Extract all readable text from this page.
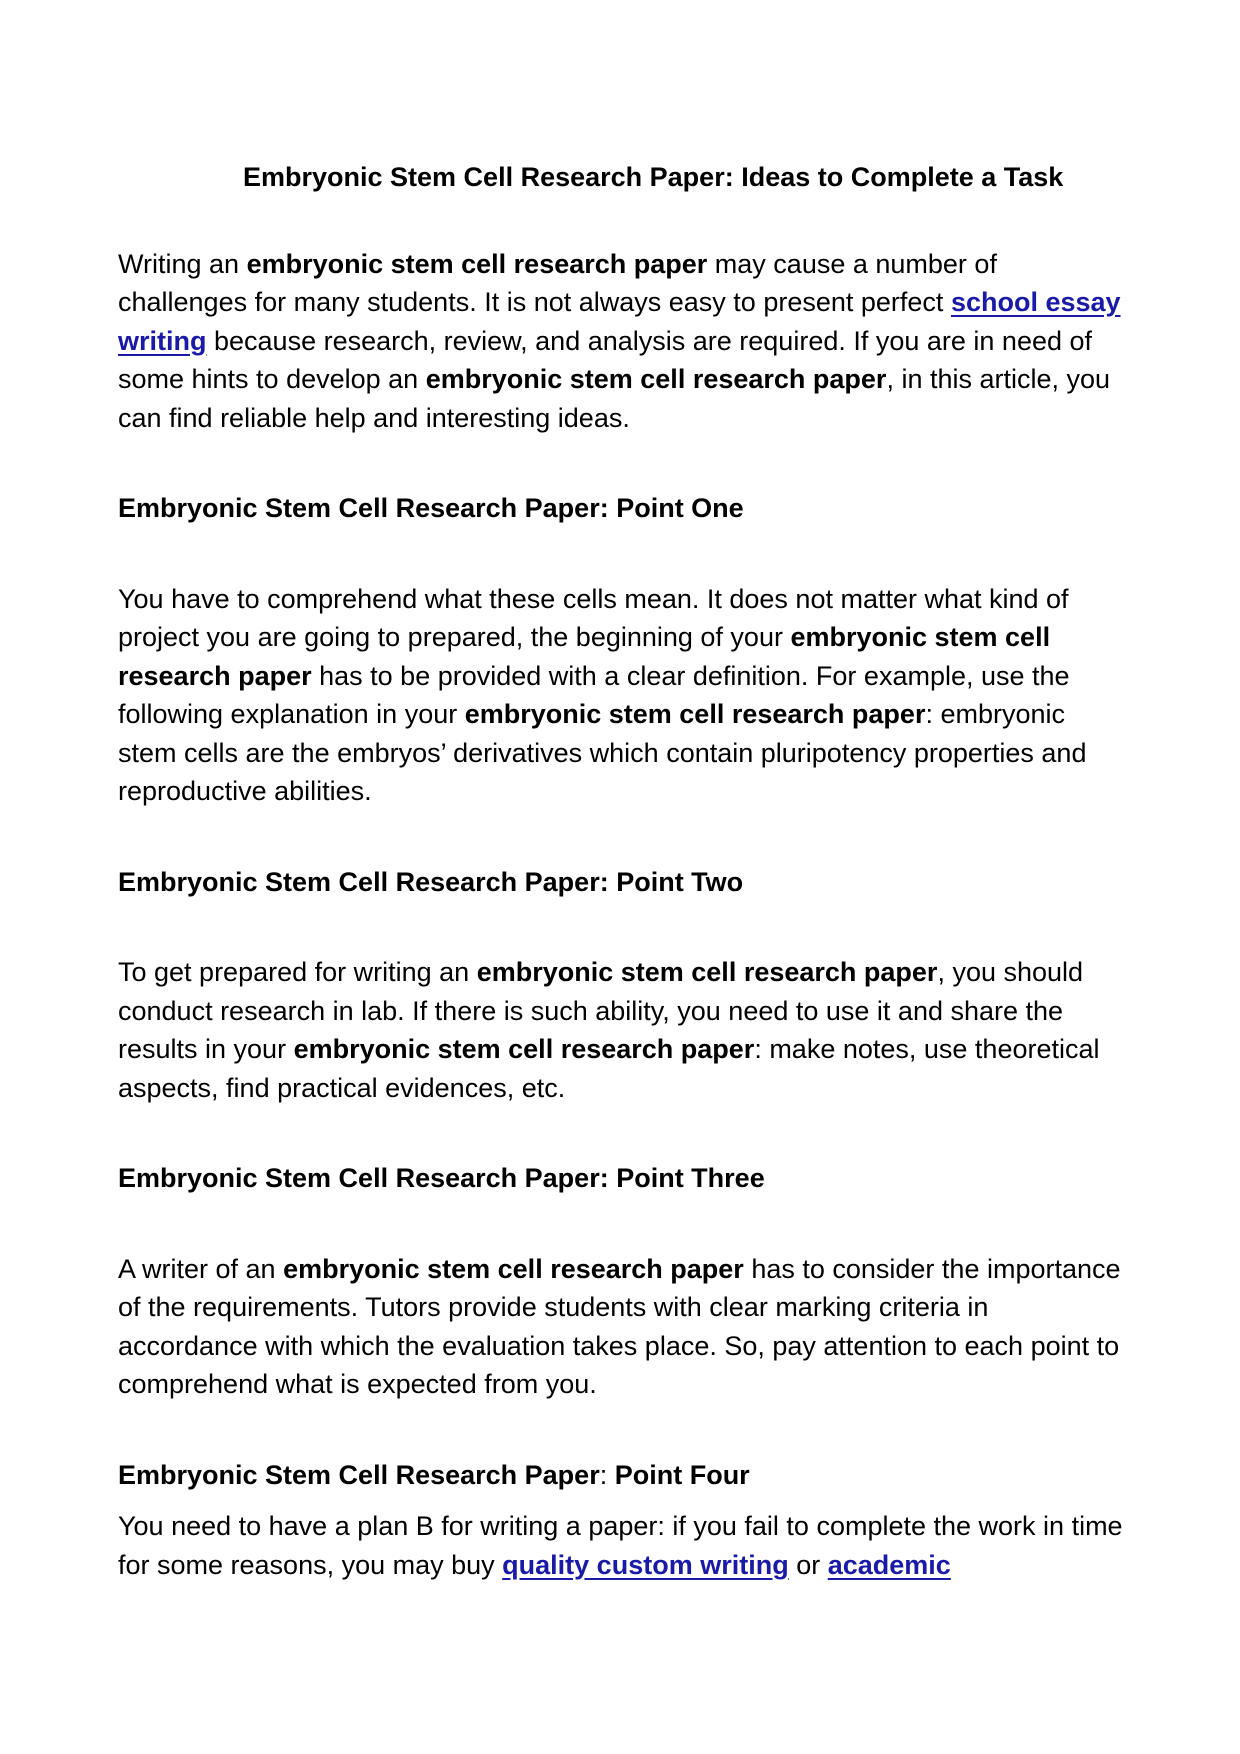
Embryonic Stem Cell Research Paper: Ideas to Complete a Task

Writing an embryonic stem cell research paper may cause a number of challenges for many students. It is not always easy to present perfect school essay writing because research, review, and analysis are required. If you are in need of some hints to develop an embryonic stem cell research paper, in this article, you can find reliable help and interesting ideas.

Embryonic Stem Cell Research Paper: Point One

You have to comprehend what these cells mean. It does not matter what kind of project you are going to prepared, the beginning of your embryonic stem cell research paper has to be provided with a clear definition. For example, use the following explanation in your embryonic stem cell research paper: embryonic stem cells are the embryos’ derivatives which contain pluripotency properties and reproductive abilities.

Embryonic Stem Cell Research Paper: Point Two

To get prepared for writing an embryonic stem cell research paper, you should conduct research in lab. If there is such ability, you need to use it and share the results in your embryonic stem cell research paper: make notes, use theoretical aspects, find practical evidences, etc.

Embryonic Stem Cell Research Paper: Point Three

A writer of an embryonic stem cell research paper has to consider the importance of the requirements. Tutors provide students with clear marking criteria in accordance with which the evaluation takes place. So, pay attention to each point to comprehend what is expected from you.

Embryonic Stem Cell Research Paper: Point Four

You need to have a plan B for writing a paper: if you fail to complete the work in time for some reasons, you may buy quality custom writing or academic
